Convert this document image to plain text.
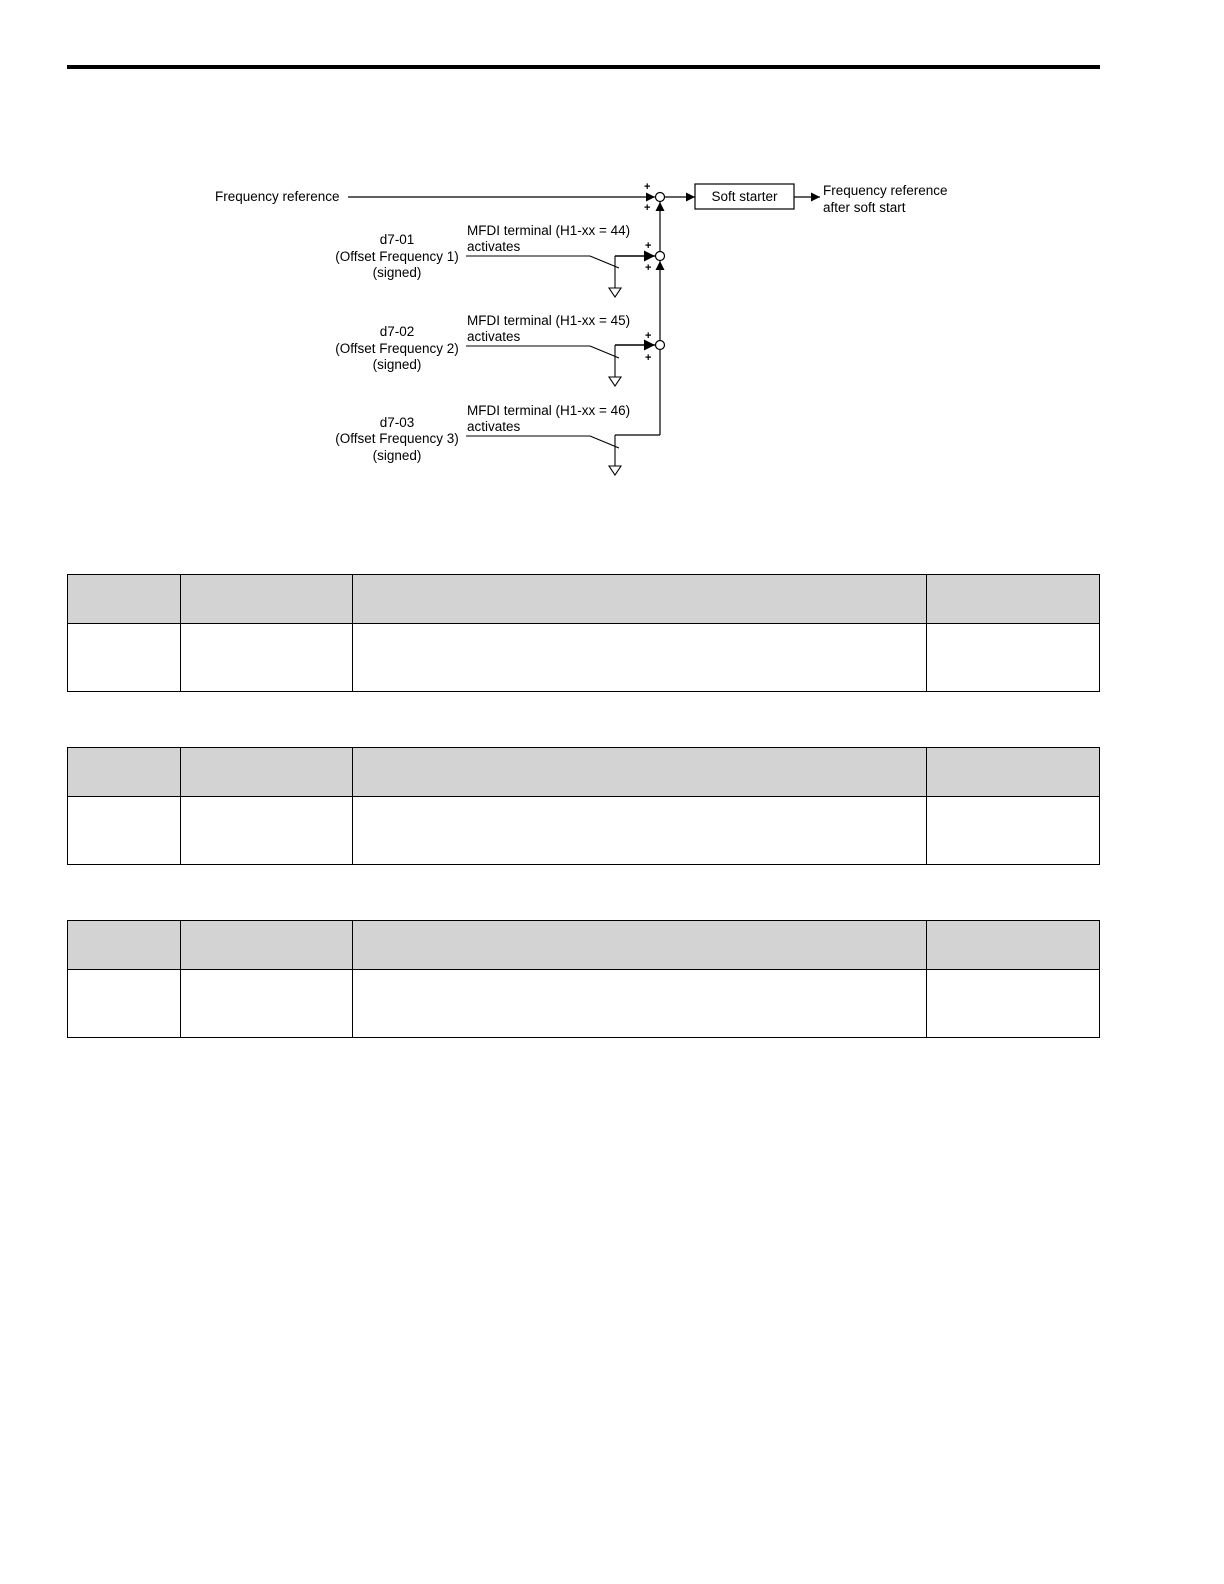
Frequency reference
+
+
Soft starter	Frequency reference
after soft start
+
+
+
+
d7-01
(Offset Frequency 1)
(signed)
MFDI terminal (H1-xx = 44)
activates
d7-02
(Offset Frequency 2)
(signed)
MFDI terminal (H1-xx = 45)
activates
d7-03
(Offset Frequency 3)
(signed)
MFDI terminal (H1-xx = 46)
activates
